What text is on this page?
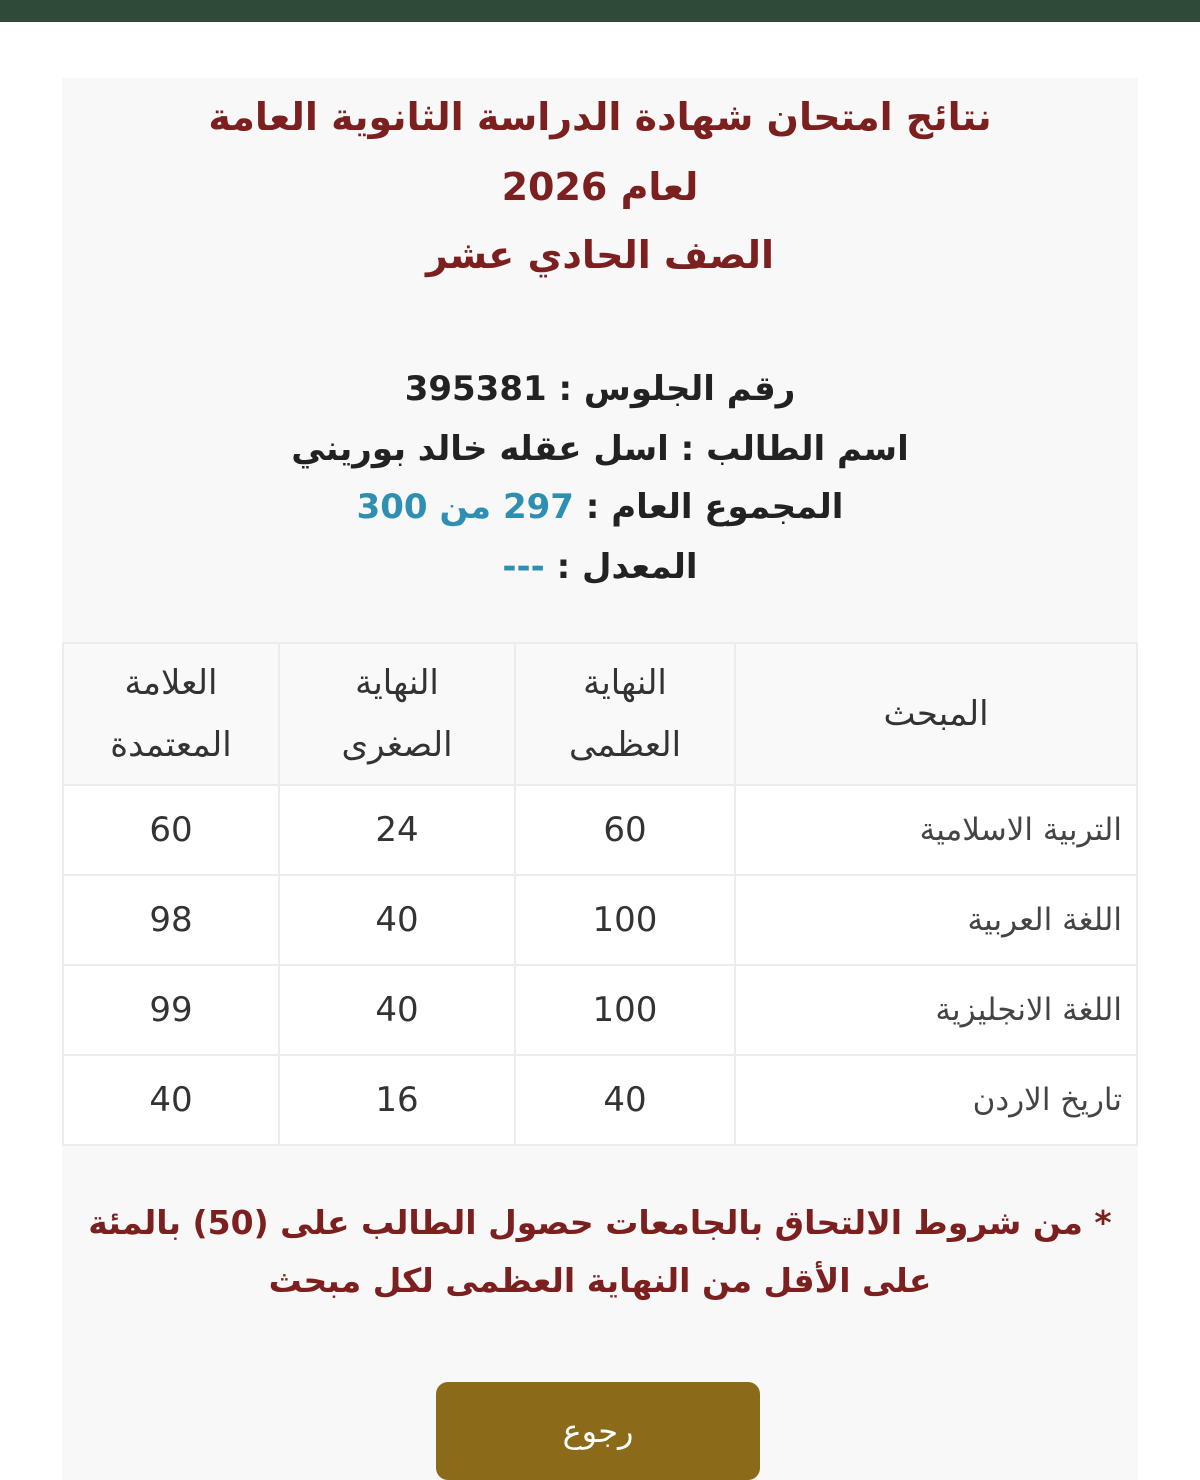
نتائج امتحان شهادة الدراسة الثانوية العامة
لعام 2026
الصف الحادي عشر
رقم الجلوس : 395381
اسم الطالب : اسل عقله خالد بوريني
المجموع العام : 297 من 300
المعدل : ---
المبحث	النهاية العظمى	النهاية الصغرى	العلامة المعتمدة

التربية الاسلامية	60	24	60
اللغة العربية	100	40	98
اللغة الانجليزية	100	40	99
تاريخ الاردن	40	16	40
* من شروط الالتحاق بالجامعات حصول الطالب على (50) بالمئة
على الأقل من النهاية العظمى لكل مبحث
رجوع
